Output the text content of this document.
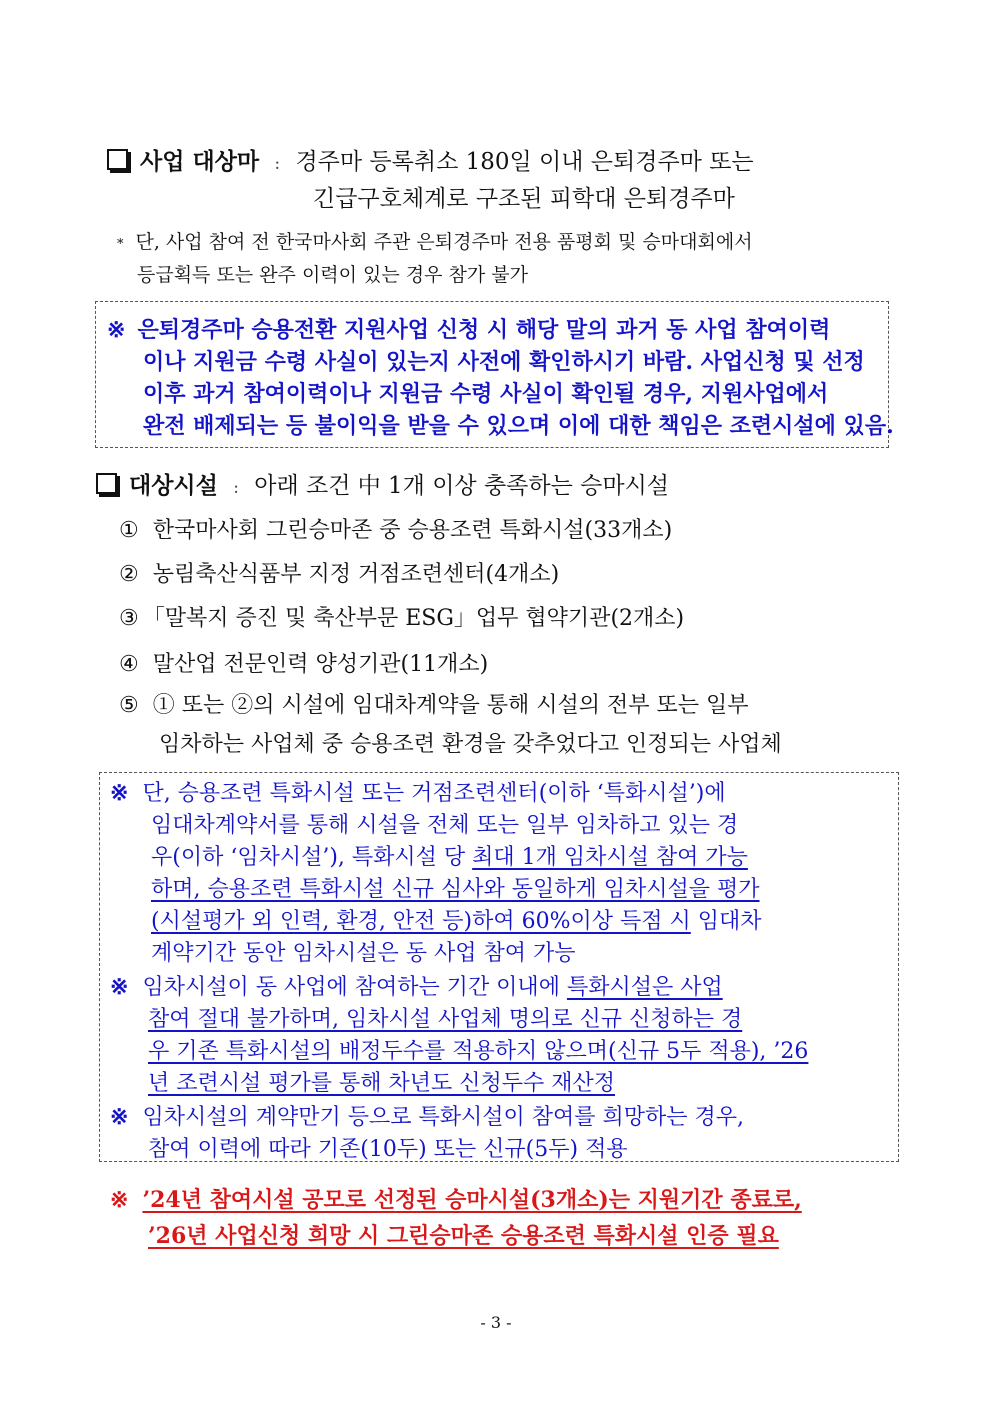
사업 대상마 : 경주마 등록취소 180일 이내 은퇴경주마 또는
긴급구호체계로 구조된 피학대 은퇴경주마
* 단, 사업 참여 전 한국마사회 주관 은퇴경주마 전용 품평회 및 승마대회에서
등급획득 또는 완주 이력이 있는 경우 참가 불가
※ 은퇴경주마 승용전환 지원사업 신청 시 해당 말의 과거 동 사업 참여이력
이나 지원금 수령 사실이 있는지 사전에 확인하시기 바람. 사업신청 및 선정
이후 과거 참여이력이나 지원금 수령 사실이 확인될 경우, 지원사업에서
완전 배제되는 등 불이익을 받을 수 있으며 이에 대한 책임은 조련시설에 있음.
대상시설 : 아래 조건 中 1개 이상 충족하는 승마시설
① 한국마사회 그린승마존 중 승용조련 특화시설(33개소)
② 농림축산식품부 지정 거점조련센터(4개소)
③ 「말복지 증진 및 축산부문 ESG」업무 협약기관(2개소)
④ 말산업 전문인력 양성기관(11개소)
⑤ ① 또는 ②의 시설에 임대차계약을 통해 시설의 전부 또는 일부
임차하는 사업체 중 승용조련 환경을 갖추었다고 인정되는 사업체
※ 단, 승용조련 특화시설 또는 거점조련센터(이하 ‘특화시설’)에
임대차계약서를 통해 시설을 전체 또는 일부 임차하고 있는 경
우(이하 ‘임차시설’), 특화시설 당 최대 1개 임차시설 참여 가능
하며, 승용조련 특화시설 신규 심사와 동일하게 임차시설을 평가
(시설평가 외 인력, 환경, 안전 등)하여 60%이상 득점 시 임대차
계약기간 동안 임차시설은 동 사업 참여 가능
※ 임차시설이 동 사업에 참여하는 기간 이내에 특화시설은 사업
참여 절대 불가하며, 임차시설 사업체 명의로 신규 신청하는 경
우 기존 특화시설의 배정두수를 적용하지 않으며(신규 5두 적용), ’26
년 조련시설 평가를 통해 차년도 신청두수 재산정
※ 임차시설의 계약만기 등으로 특화시설이 참여를 희망하는 경우,
참여 이력에 따라 기존(10두) 또는 신규(5두) 적용
※ ’24년 참여시설 공모로 선정된 승마시설(3개소)는 지원기간 종료로,
’26년 사업신청 희망 시 그린승마존 승용조련 특화시설 인증 필요
- 3 -
